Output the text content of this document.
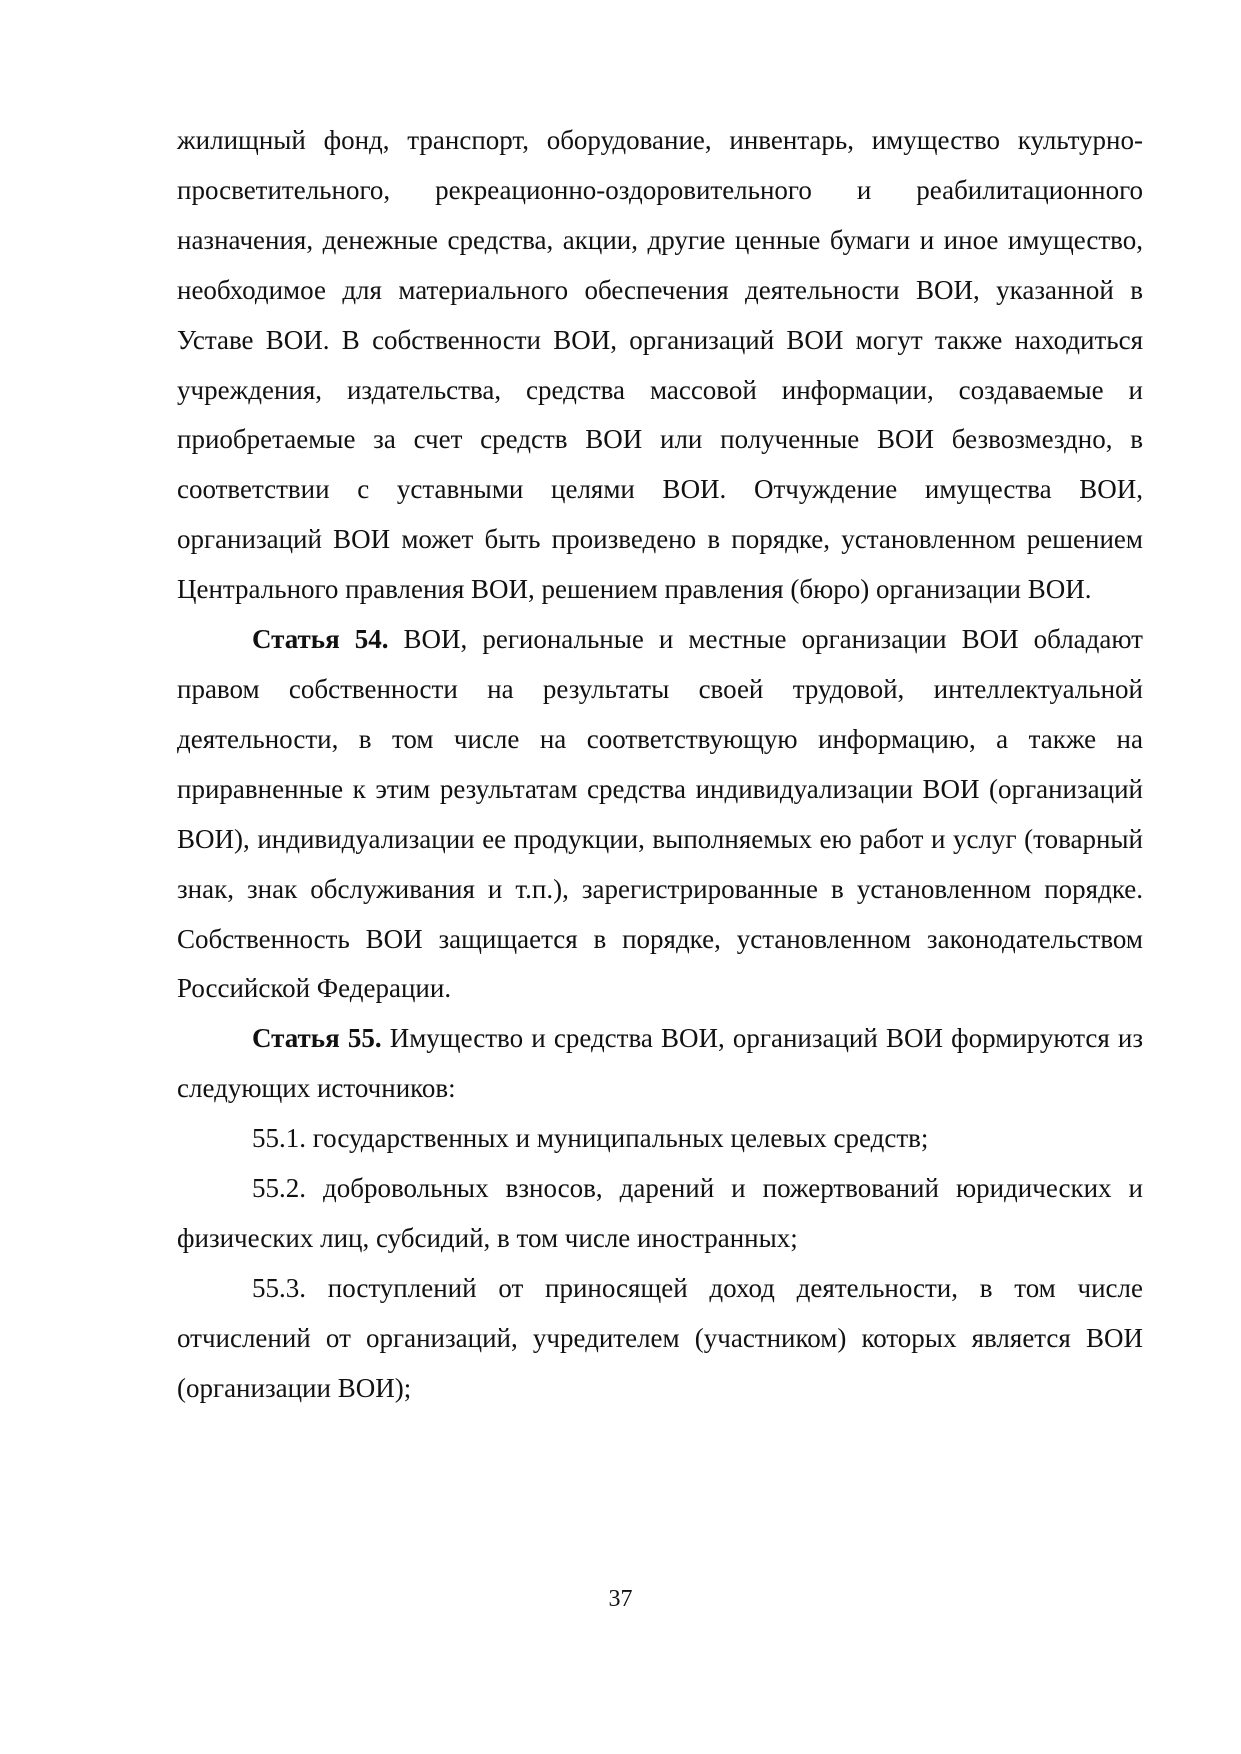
жилищный фонд, транспорт, оборудование, инвентарь, имущество культурно-просветительного, рекреационно-оздоровительного и реабилитационного назначения, денежные средства, акции, другие ценные бумаги и иное имущество, необходимое для материального обеспечения деятельности ВОИ, указанной в Уставе ВОИ. В собственности ВОИ, организаций ВОИ могут также находиться учреждения, издательства, средства массовой информации, создаваемые и приобретаемые за счет средств ВОИ или полученные ВОИ безвозмездно, в соответствии с уставными целями ВОИ. Отчуждение имущества ВОИ, организаций ВОИ может быть произведено в порядке, установленном решением Центрального правления ВОИ, решением правления (бюро) организации ВОИ.

Статья 54. ВОИ, региональные и местные организации ВОИ обладают правом собственности на результаты своей трудовой, интеллектуальной деятельности, в том числе на соответствующую информацию, а также на приравненные к этим результатам средства индивидуализации ВОИ (организаций ВОИ), индивидуализации ее продукции, выполняемых ею работ и услуг (товарный знак, знак обслуживания и т.п.), зарегистрированные в установленном порядке. Собственность ВОИ защищается в порядке, установленном законодательством Российской Федерации.

Статья 55. Имущество и средства ВОИ, организаций ВОИ формируются из следующих источников:

55.1. государственных и муниципальных целевых средств;

55.2. добровольных взносов, дарений и пожертвований юридических и физических лиц, субсидий, в том числе иностранных;

55.3. поступлений от приносящей доход деятельности, в том числе отчислений от организаций, учредителем (участником) которых является ВОИ (организации ВОИ);

37
